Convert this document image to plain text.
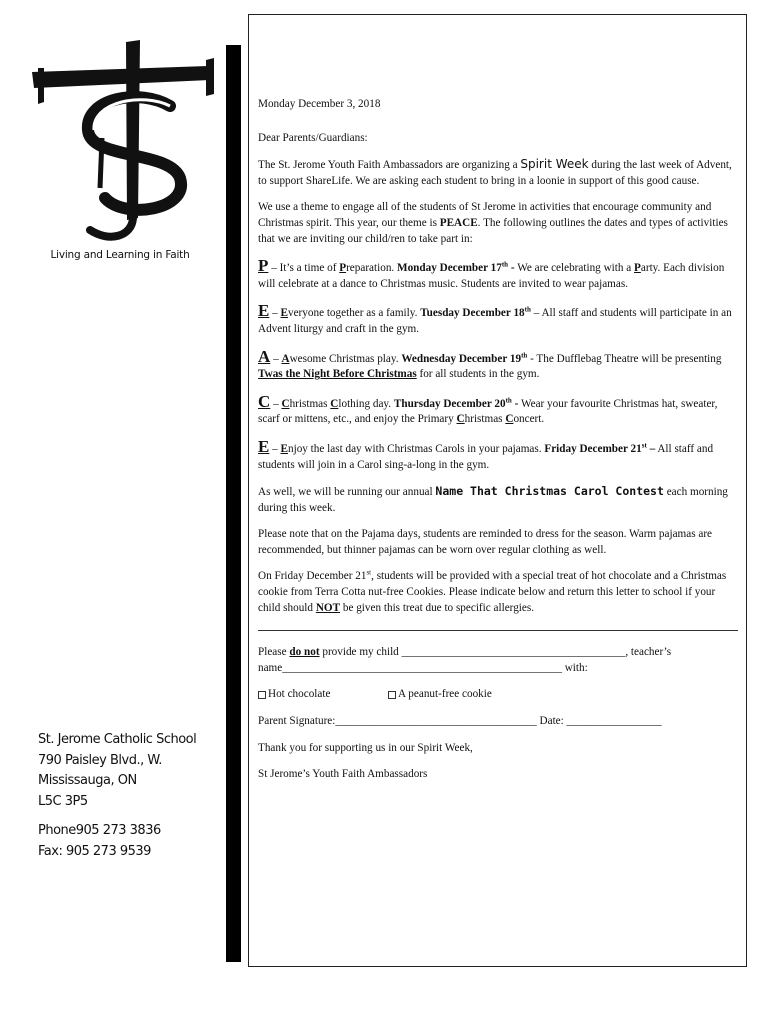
Living and Learning in Faith
St. Jerome Catholic School
790 Paisley Blvd., W.
Mississauga, ON
L5C 3P5
Phone905 273 3836
Fax: 905 273 9539

Monday December 3, 2018

Dear Parents/Guardians:

The St. Jerome Youth Faith Ambassadors are organizing a Spirit Week during the last week of Advent, to support ShareLife. We are asking each student to bring in a loonie in support of this good cause.

We use a theme to engage all of the students of St Jerome in activities that encourage community and Christmas spirit. This year, our theme is PEACE. The following outlines the dates and types of activities that we are inviting our child/ren to take part in:

P – It’s a time of Preparation. Monday December 17th - We are celebrating with a Party. Each division will celebrate at a dance to Christmas music. Students are invited to wear pajamas.

E – Everyone together as a family. Tuesday December 18th – All staff and students will participate in an Advent liturgy and craft in the gym.

A – Awesome Christmas play. Wednesday December 19th - The Dufflebag Theatre will be presenting Twas the Night Before Christmas for all students in the gym.

C – Christmas Clothing day. Thursday December 20th - Wear your favourite Christmas hat, sweater, scarf or mittens, etc., and enjoy the Primary Christmas Concert.

E – Enjoy the last day with Christmas Carols in your pajamas. Friday December 21st – All staff and students will join in a Carol sing-a-long in the gym.

As well, we will be running our annual Name That Christmas Carol Contest each morning during this week.

Please note that on the Pajama days, students are reminded to dress for the season. Warm pajamas are recommended, but thinner pajamas can be worn over regular clothing as well.

On Friday December 21st, students will be provided with a special treat of hot chocolate and a Christmas cookie from Terra Cotta nut-free Cookies. Please indicate below and return this letter to school if your child should NOT be given this treat due to specific allergies.

Please do not provide my child ________________________________________, teacher’s name__________________________________________________ with:

Hot chocolate	A peanut-free cookie

Parent Signature:____________________________________ Date: _________________

Thank you for supporting us in our Spirit Week,

St Jerome’s Youth Faith Ambassadors
